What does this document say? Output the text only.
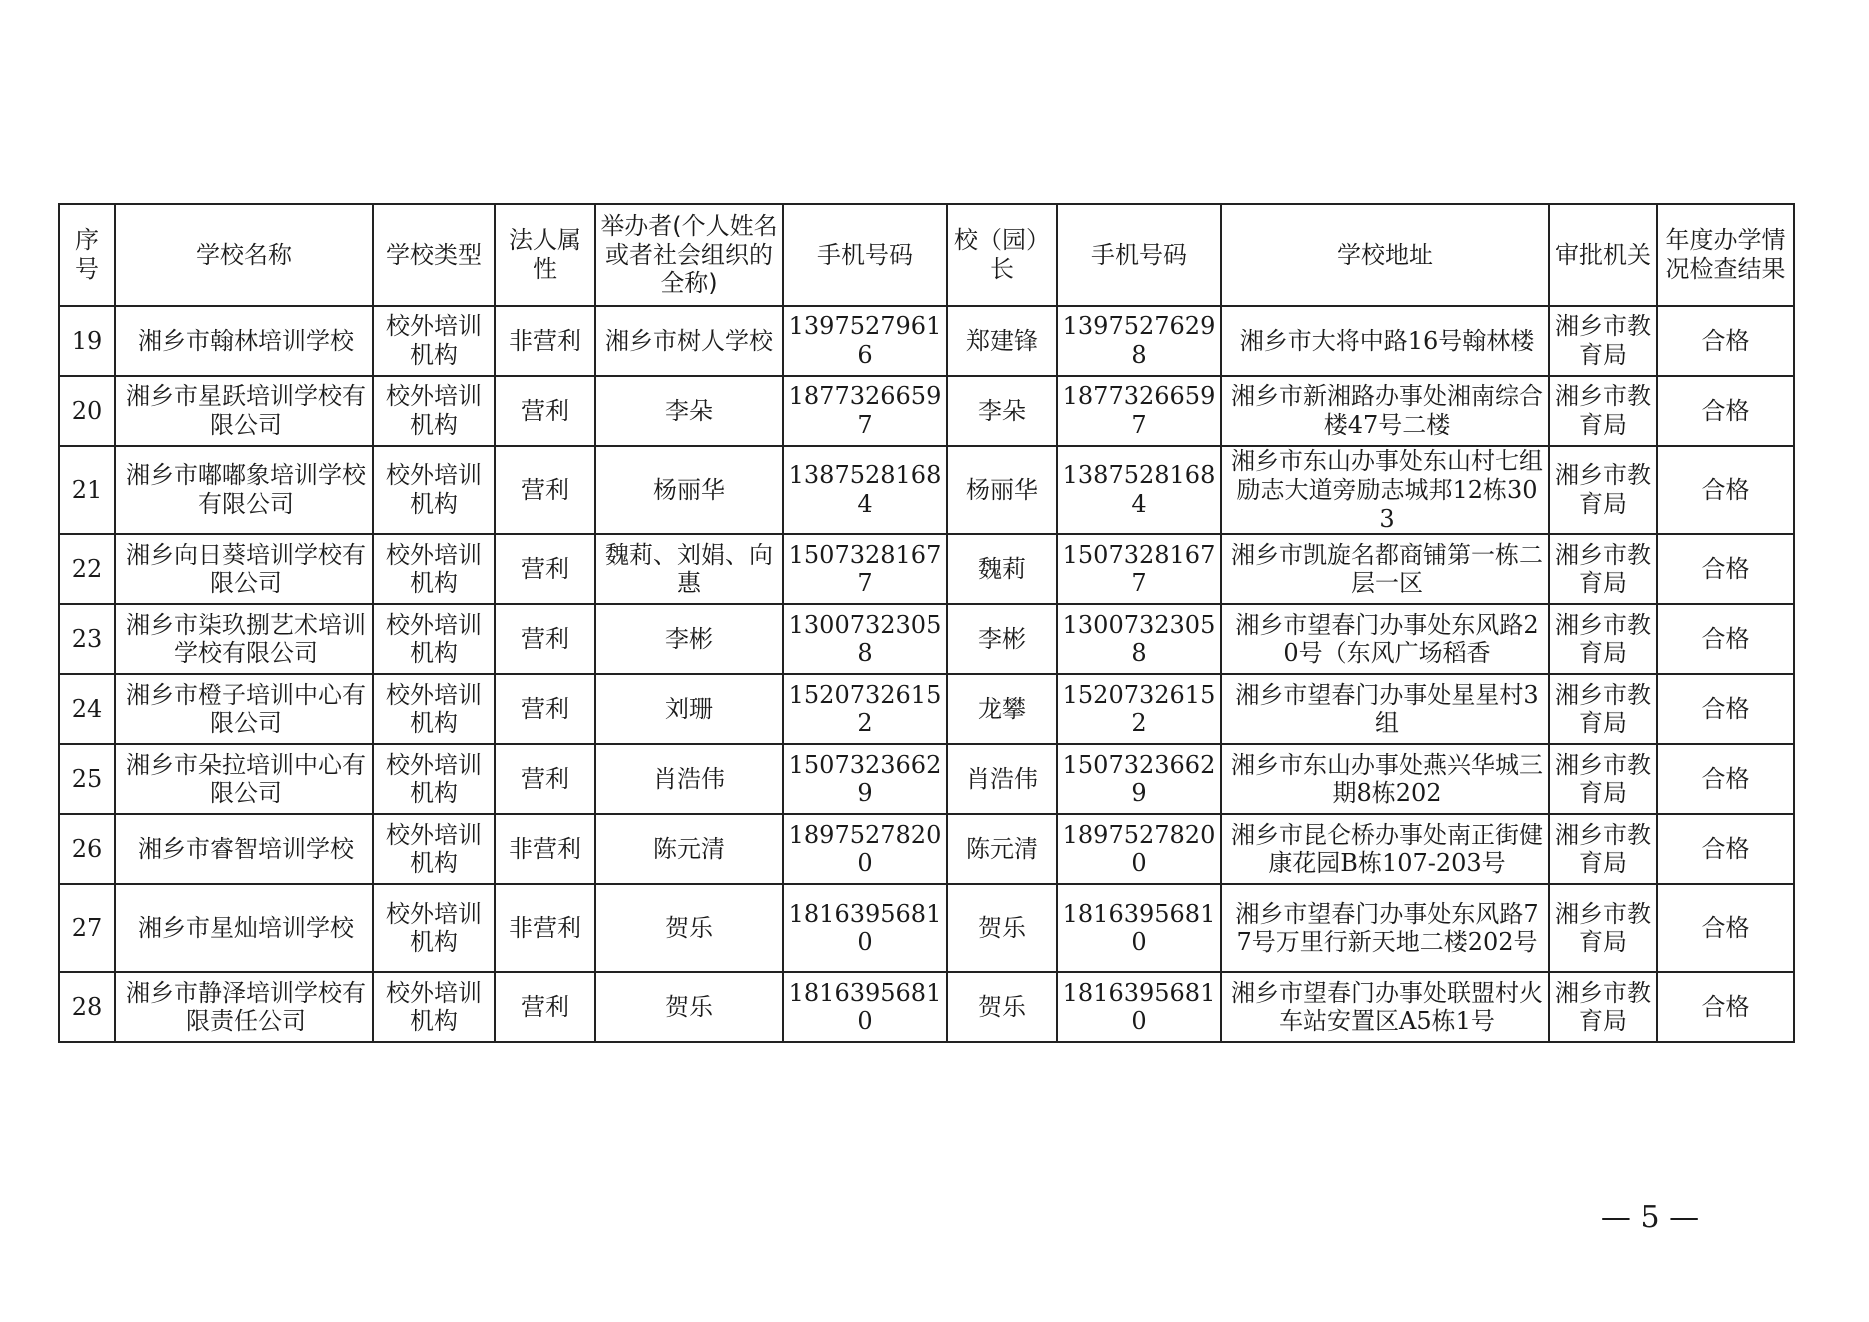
序号	学校名称	学校类型	法人属性	举办者(个人姓名或者社会组织的全称)	手机号码	校（园）长	手机号码	学校地址	审批机关	年度办学情况检查结果
19	湘乡市翰林培训学校	校外培训机构	非营利	湘乡市树人学校	13975279616	郑建锋	13975276298	湘乡市大将中路16号翰林楼	湘乡市教育局	合格
20	湘乡市星跃培训学校有限公司	校外培训机构	营利	李朵	18773266597	李朵	18773266597	湘乡市新湘路办事处湘南综合楼47号二楼	湘乡市教育局	合格
21	湘乡市嘟嘟象培训学校有限公司	校外培训机构	营利	杨丽华	13875281684	杨丽华	13875281684	湘乡市东山办事处东山村七组励志大道旁励志城邦12栋303	湘乡市教育局	合格
22	湘乡向日葵培训学校有限公司	校外培训机构	营利	魏莉、刘娟、向惠	15073281677	魏莉	15073281677	湘乡市凯旋名都商铺第一栋二层一区	湘乡市教育局	合格
23	湘乡市柒玖捌艺术培训学校有限公司	校外培训机构	营利	李彬	13007323058	李彬	13007323058	湘乡市望春门办事处东风路20号（东风广场稻香	湘乡市教育局	合格
24	湘乡市橙子培训中心有限公司	校外培训机构	营利	刘珊	15207326152	龙攀	15207326152	湘乡市望春门办事处星星村3组	湘乡市教育局	合格
25	湘乡市朵拉培训中心有限公司	校外培训机构	营利	肖浩伟	15073236629	肖浩伟	15073236629	湘乡市东山办事处燕兴华城三期8栋202	湘乡市教育局	合格
26	湘乡市睿智培训学校	校外培训机构	非营利	陈元清	18975278200	陈元清	18975278200	湘乡市昆仑桥办事处南正街健康花园B栋107-203号	湘乡市教育局	合格
27	湘乡市星灿培训学校	校外培训机构	非营利	贺乐	18163956810	贺乐	18163956810	湘乡市望春门办事处东风路77号万里行新天地二楼202号	湘乡市教育局	合格
28	湘乡市静泽培训学校有限责任公司	校外培训机构	营利	贺乐	18163956810	贺乐	18163956810	湘乡市望春门办事处联盟村火车站安置区A5栋1号	湘乡市教育局	合格
— 5 —
